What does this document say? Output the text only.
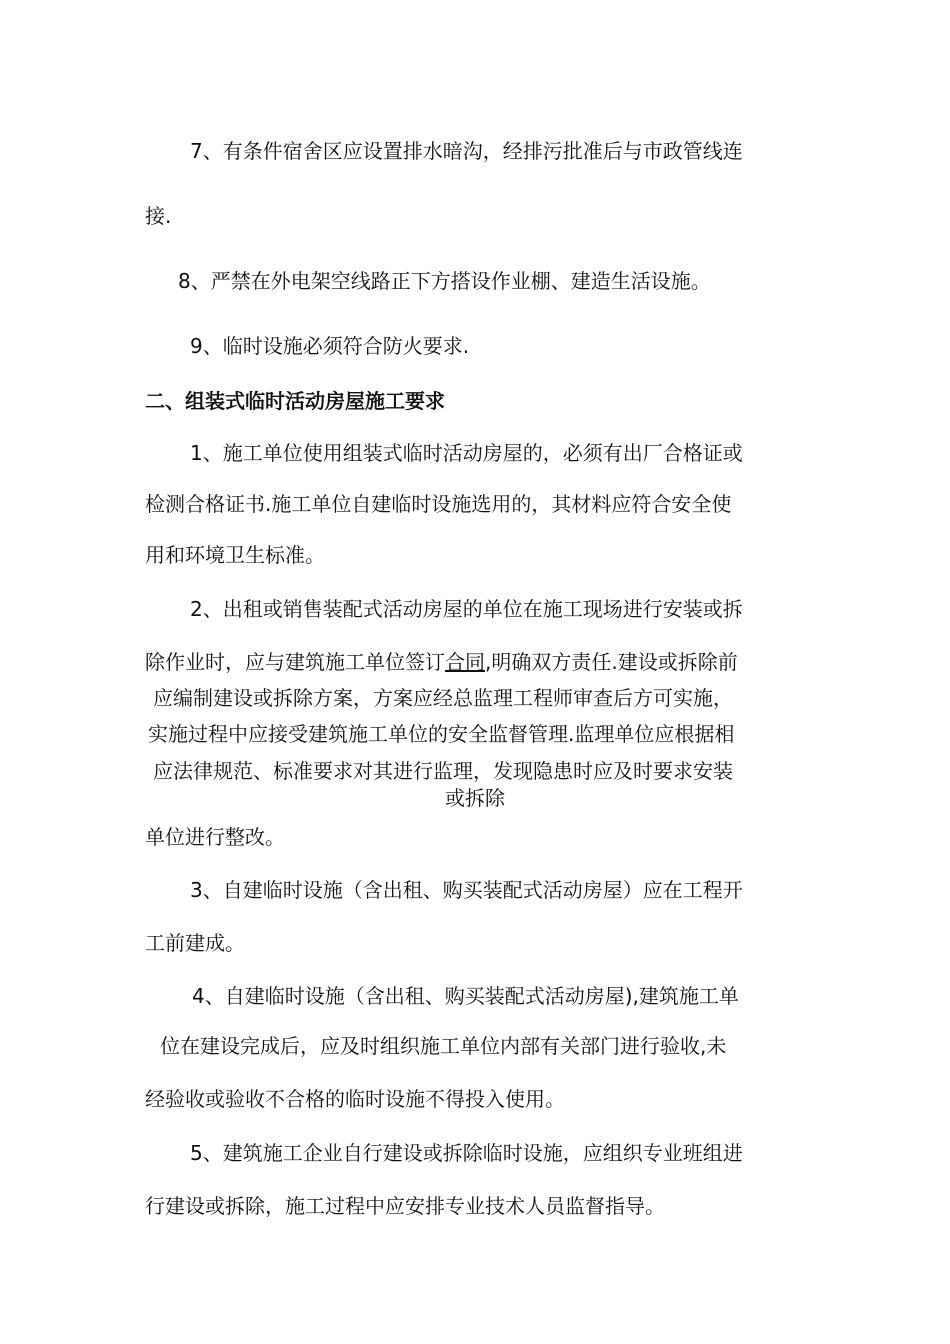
7、有条件宿舍区应设置排水暗沟，经排污批准后与市政管线连
接.
8、严禁在外电架空线路正下方搭设作业棚、建造生活设施。
9、临时设施必须符合防火要求.
二、组装式临时活动房屋施工要求
1、施工单位使用组装式临时活动房屋的，必须有出厂合格证或
检测合格证书.施工单位自建临时设施选用的，其材料应符合安全使
用和环境卫生标准。
2、出租或销售装配式活动房屋的单位在施工现场进行安装或拆
除作业时，应与建筑施工单位签订合同,明确双方责任.建设或拆除前
应编制建设或拆除方案，方案应经总监理工程师审查后方可实施，
实施过程中应接受建筑施工单位的安全监督管理.监理单位应根据相
应法律规范、标准要求对其进行监理，发现隐患时应及时要求安装
或拆除
单位进行整改。
3、自建临时设施（含出租、购买装配式活动房屋）应在工程开
工前建成。
4、自建临时设施（含出租、购买装配式活动房屋),建筑施工单
位在建设完成后，应及时组织施工单位内部有关部门进行验收,未
经验收或验收不合格的临时设施不得投入使用。
5、建筑施工企业自行建设或拆除临时设施，应组织专业班组进
行建设或拆除，施工过程中应安排专业技术人员监督指导。
